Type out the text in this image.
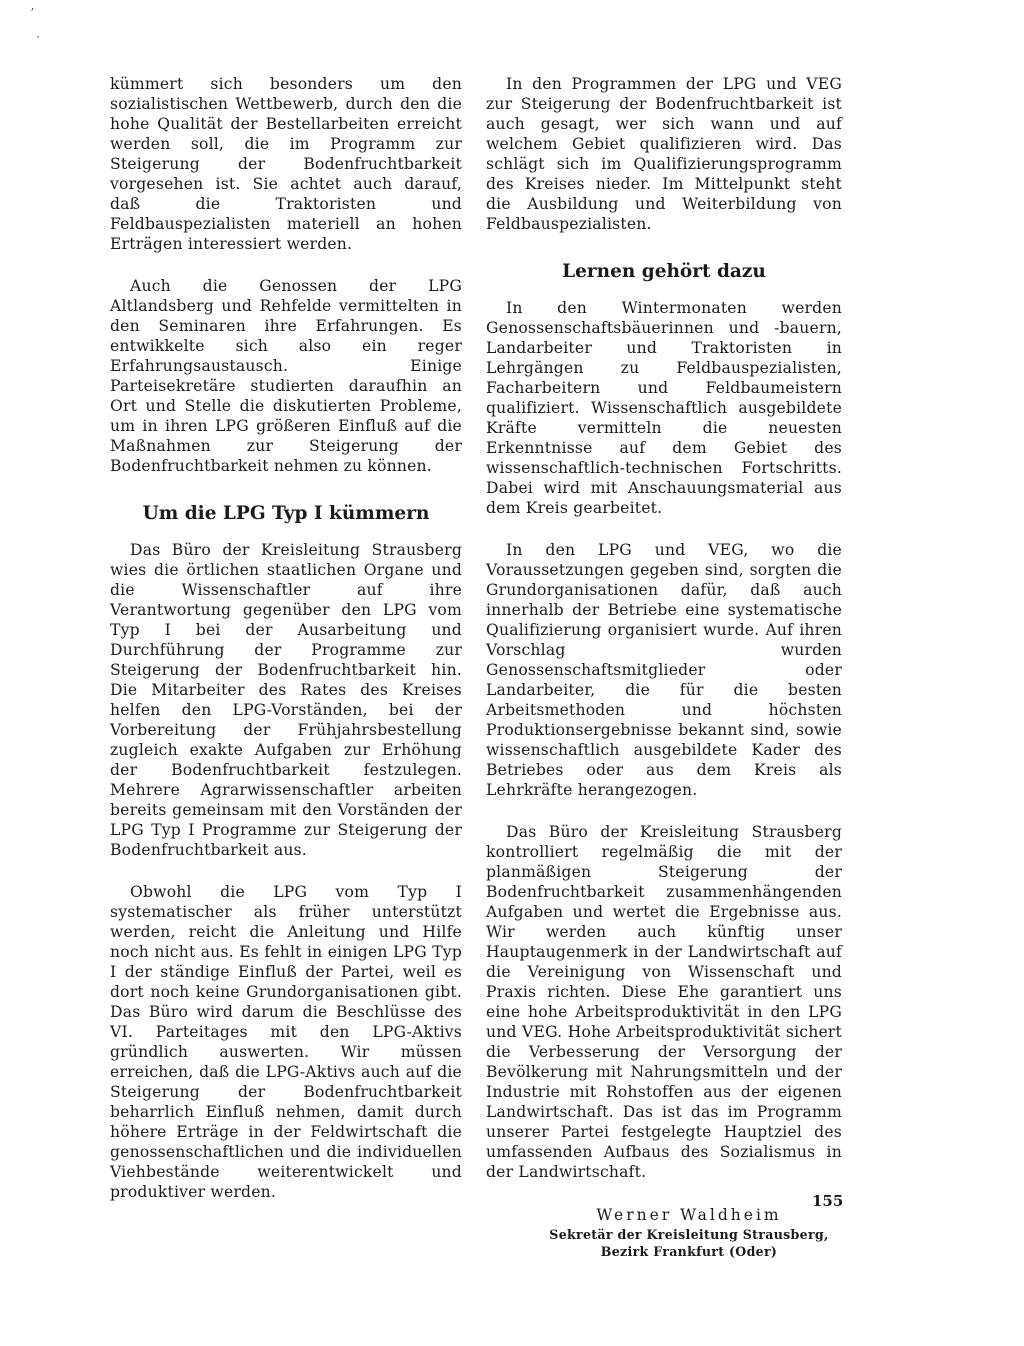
ʼ
·

kümmert sich besonders um den sozialistischen Wettbewerb, durch den die hohe Qualität der Bestellarbeiten erreicht werden soll, die im Programm zur Steigerung der Bodenfruchtbarkeit vorgesehen ist. Sie achtet auch darauf, daß die Traktoristen und Feldbauspezialisten materiell an hohen Erträgen interessiert werden.

Auch die Genossen der LPG Altlandsberg und Rehfelde vermittelten in den Seminaren ihre Erfahrungen. Es entwikkelte sich also ein reger Erfahrungsaustausch. Einige Parteisekretäre studierten daraufhin an Ort und Stelle die diskutierten Probleme, um in ihren LPG größeren Einfluß auf die Maßnahmen zur Steigerung der Bodenfruchtbarkeit nehmen zu können.

Um die LPG Typ I kümmern

Das Büro der Kreisleitung Strausberg wies die örtlichen staatlichen Organe und die Wissenschaftler auf ihre Verantwortung gegenüber den LPG vom Typ I bei der Ausarbeitung und Durchführung der Programme zur Steigerung der Bodenfruchtbarkeit hin. Die Mitarbeiter des Rates des Kreises helfen den LPG-Vorständen, bei der Vorbereitung der Frühjahrsbestellung zugleich exakte Aufgaben zur Erhöhung der Bodenfruchtbarkeit festzulegen. Mehrere Agrarwissenschaftler arbeiten bereits gemeinsam mit den Vorständen der LPG Typ I Programme zur Steigerung der Bodenfruchtbarkeit aus.

Obwohl die LPG vom Typ I systematischer als früher unterstützt werden, reicht die Anleitung und Hilfe noch nicht aus. Es fehlt in einigen LPG Typ I der ständige Einfluß der Partei, weil es dort noch keine Grundorganisationen gibt. Das Büro wird darum die Beschlüsse des VI. Parteitages mit den LPG-Aktivs gründlich auswerten. Wir müssen erreichen, daß die LPG-Aktivs auch auf die Steigerung der Bodenfruchtbarkeit beharrlich Einfluß nehmen, damit durch höhere Erträge in der Feldwirtschaft die genossenschaftlichen und die individuellen Viehbestände weiterentwickelt und produktiver werden.

In den Programmen der LPG und VEG zur Steigerung der Bodenfruchtbarkeit ist auch gesagt, wer sich wann und auf welchem Gebiet qualifizieren wird. Das schlägt sich im Qualifizierungsprogramm des Kreises nieder. Im Mittelpunkt steht die Ausbildung und Weiterbildung von Feldbauspezialisten.

Lernen gehört dazu

In den Wintermonaten werden Genossenschaftsbäuerinnen und -bauern, Landarbeiter und Traktoristen in Lehrgängen zu Feldbauspezialisten, Facharbeitern und Feldbaumeistern qualifiziert. Wissenschaftlich ausgebildete Kräfte vermitteln die neuesten Erkenntnisse auf dem Gebiet des wissenschaftlich-technischen Fortschritts. Dabei wird mit Anschauungsmaterial aus dem Kreis gearbeitet.

In den LPG und VEG, wo die Voraussetzungen gegeben sind, sorgten die Grundorganisationen dafür, daß auch innerhalb der Betriebe eine systematische Qualifizierung organisiert wurde. Auf ihren Vorschlag wurden Genossenschaftsmitglieder oder Landarbeiter, die für die besten Arbeitsmethoden und höchsten Produktionsergebnisse bekannt sind, sowie wissenschaftlich ausgebildete Kader des Betriebes oder aus dem Kreis als Lehrkräfte herangezogen.

Das Büro der Kreisleitung Strausberg kontrolliert regelmäßig die mit der planmäßigen Steigerung der Bodenfruchtbarkeit zusammenhängenden Aufgaben und wertet die Ergebnisse aus. Wir werden auch künftig unser Hauptaugenmerk in der Landwirtschaft auf die Vereinigung von Wissenschaft und Praxis richten. Diese Ehe garantiert uns eine hohe Arbeitsproduktivität in den LPG und VEG. Hohe Arbeitsproduktivität sichert die Verbesserung der Versorgung der Bevölkerung mit Nahrungsmitteln und der Industrie mit Rohstoffen aus der eigenen Landwirtschaft. Das ist das im Programm unserer Partei festgelegte Hauptziel des umfassenden Aufbaus des Sozialismus in der Landwirtschaft.

Werner Waldheim
Sekretär der Kreisleitung Strausberg,
Bezirk Frankfurt (Oder)
155
